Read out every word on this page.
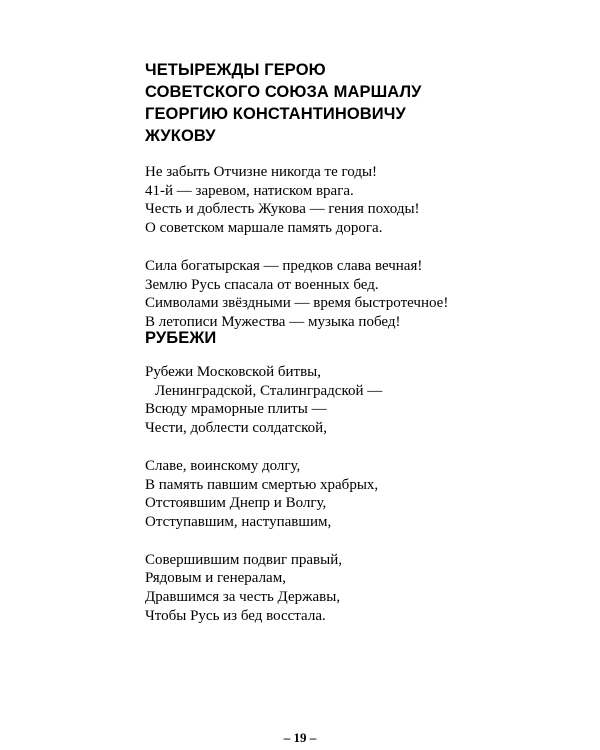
ЧЕТЫРЕЖДЫ ГЕРОЮ

СОВЕТСКОГО СОЮЗА МАРШАЛУ

ГЕОРГИЮ КОНСТАНТИНОВИЧУ

ЖУКОВУ

Не забыть Отчизне никогда те годы!
41-й — заревом, натиском врага.
Честь и доблесть Жукова — гения походы!
О советском маршале память дорога.
Сила богатырская — предков слава вечная!
Землю Русь спасала от военных бед.
Символами звёздными — время быстротечное!
В летописи Мужества — музыка побед!

РУБЕЖИ

Рубежи Московской битвы,
Ленинградской, Сталинградской —
Всюду мраморные плиты —
Чести, доблести солдатской,
Славе, воинскому долгу,
В память павшим смертью храбрых,
Отстоявшим Днепр и Волгу,
Отступавшим, наступавшим,
Совершившим подвиг правый,
Рядовым и генералам,
Дравшимся за честь Державы,
Чтобы Русь из бед восстала.
– 19 –
